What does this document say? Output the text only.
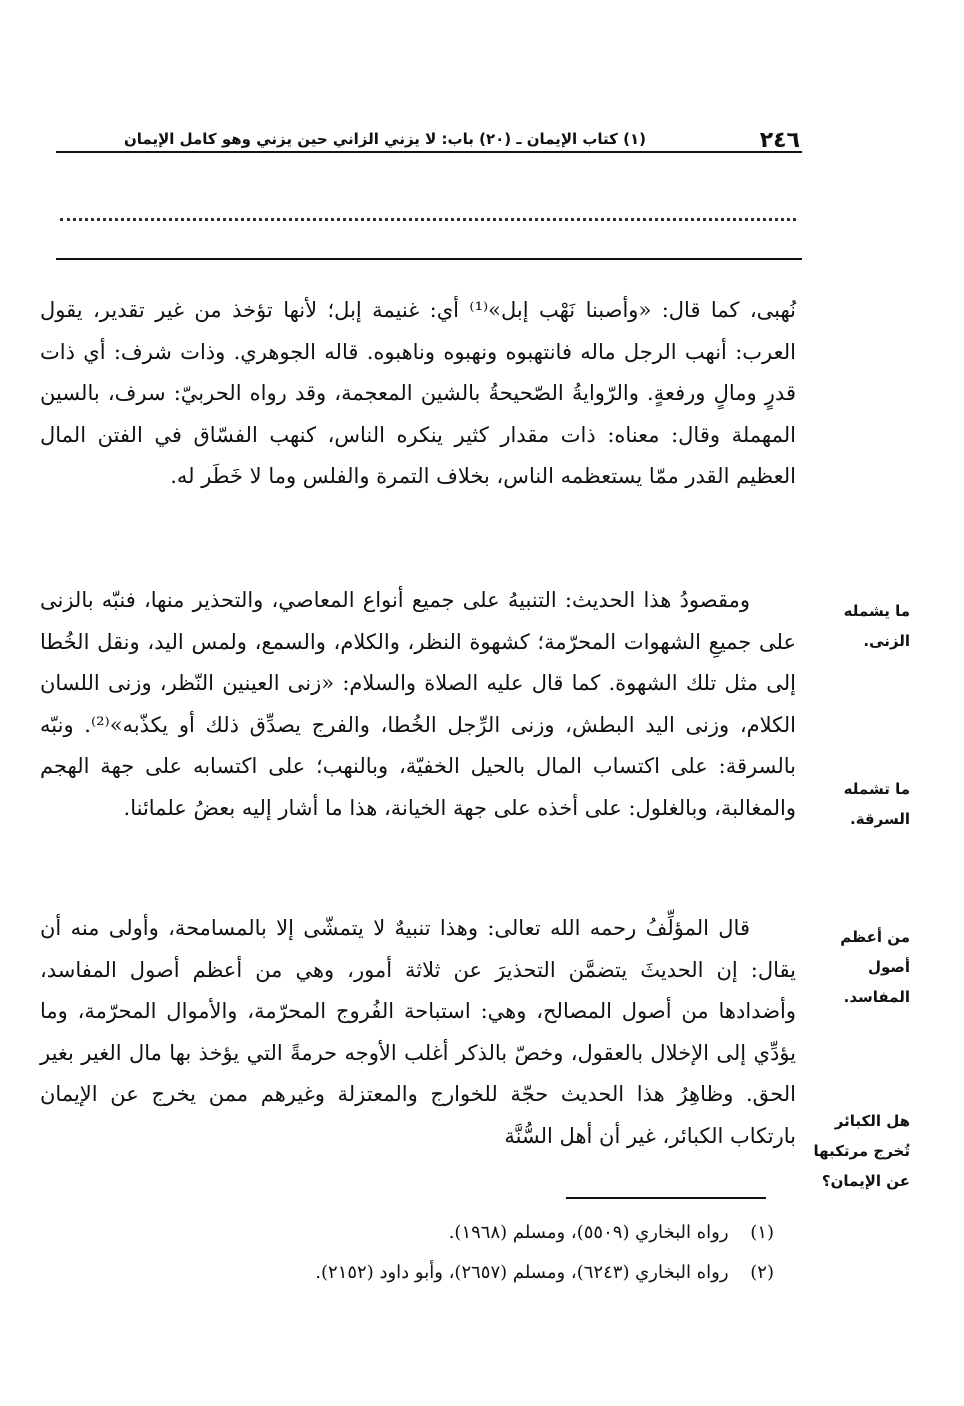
٢٤٦
(١) كتاب الإيمان ـ (٢٠) باب: لا يزني الزاني حين يزني وهو كامل الإيمان

نُهبى، كما قال: «وأصبنا نَهْب إبل»⁽¹⁾ أي: غنيمة إبل؛ لأنها تؤخذ من غير تقدير، يقول العرب: أنهب الرجل ماله فانتهبوه ونهبوه وناهبوه. قاله الجوهري. وذات شرف: أي ذات قدرٍ ومالٍ ورفعةٍ. والرّوايةُ الصّحيحةُ بالشين المعجمة، وقد رواه الحربيّ: سرف، بالسين المهملة وقال: معناه: ذات مقدار كثير ينكره الناس، كنهب الفسّاق في الفتن المال العظيم القدر ممّا يستعظمه الناس، بخلاف التمرة والفلس وما لا خَطَر له.

ومقصودُ هذا الحديث: التنبيهُ على جميع أنواع المعاصي، والتحذير منها، فنبّه بالزنى على جميعِ الشهوات المحرّمة؛ كشهوة النظر، والكلام، والسمع، ولمس اليد، ونقل الخُطا إلى مثل تلك الشهوة. كما قال عليه الصلاة والسلام: «زنى العينين النّظر، وزنى اللسان الكلام، وزنى اليد البطش، وزنى الرِّجل الخُطا، والفرج يصدِّق ذلك أو يكذّبه»⁽²⁾. ونبّه بالسرقة: على اكتساب المال بالحيل الخفيّة، وبالنهب؛ على اكتسابه على جهة الهجم والمغالبة، وبالغلول: على أخذه على جهة الخيانة، هذا ما أشار إليه بعضُ علمائنا.

قال المؤلِّفُ رحمه الله تعالى: وهذا تنبيهٌ لا يتمشّى إلا بالمسامحة، وأولى منه أن يقال: إن الحديثَ يتضمَّن التحذيرَ عن ثلاثة أمور، وهي من أعظم أصول المفاسد، وأضدادها من أصول المصالح، وهي: استباحة الفُروج المحرّمة، والأموال المحرّمة، وما يؤدِّي إلى الإخلال بالعقول، وخصّ بالذكر أغلب الأوجه حرمةً التي يؤخذ بها مال الغير بغير الحق. وظاهِرُ هذا الحديث حجّة للخوارج والمعتزلة وغيرهم ممن يخرج عن الإيمان بارتكاب الكبائر، غير أن أهل السُّنَّة

ما يشمله الزنى.
ما تشمله السرقة.
من أعظم أصول المفاسد.
هل الكبائر تُخرج مرتكبها عن الإيمان؟
(١) رواه البخاري (٥٥٠٩)، ومسلم (١٩٦٨).
(٢) رواه البخاري (٦٢٤٣)، ومسلم (٢٦٥٧)، وأبو داود (٢١٥٢).
